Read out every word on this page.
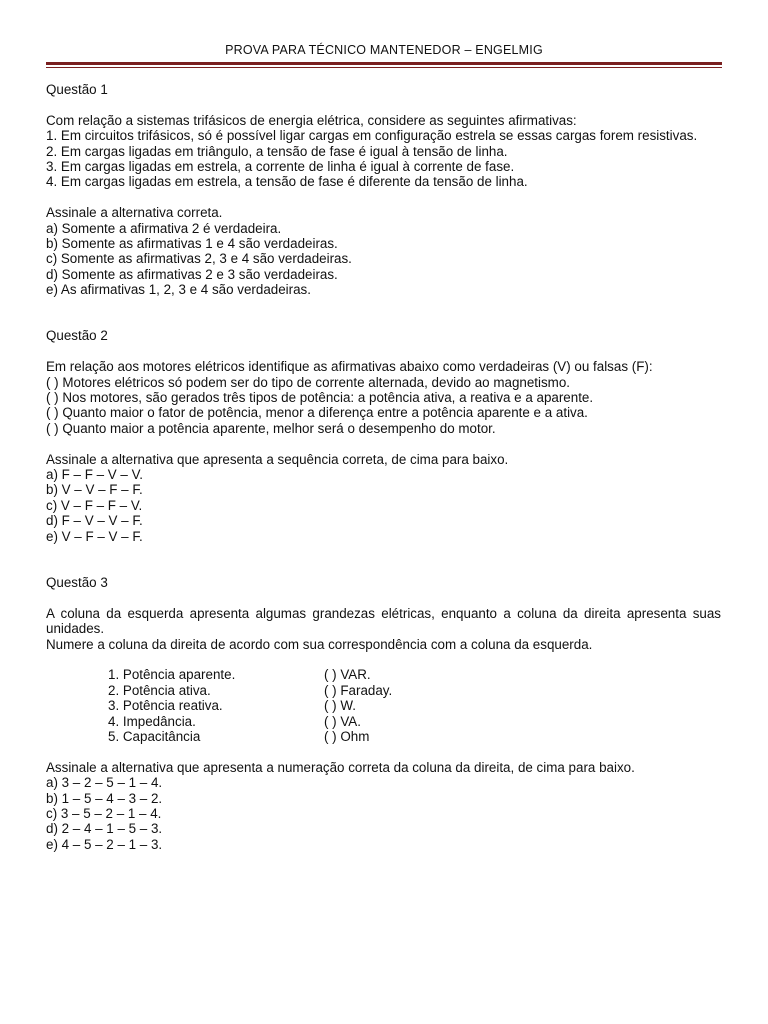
PROVA PARA TÉCNICO MANTENEDOR – ENGELMIG

Questão 1

Com relação a sistemas trifásicos de energia elétrica, considere as seguintes afirmativas:

1. Em circuitos trifásicos, só é possível ligar cargas em configuração estrela se essas cargas forem resistivas.

2. Em cargas ligadas em triângulo, a tensão de fase é igual à tensão de linha.

3. Em cargas ligadas em estrela, a corrente de linha é igual à corrente de fase.

4. Em cargas ligadas em estrela, a tensão de fase é diferente da tensão de linha.

Assinale a alternativa correta.

a) Somente a afirmativa 2 é verdadeira.

b) Somente as afirmativas 1 e 4 são verdadeiras.

c) Somente as afirmativas 2, 3 e 4 são verdadeiras.

d) Somente as afirmativas 2 e 3 são verdadeiras.

e) As afirmativas 1, 2, 3 e 4 são verdadeiras.

Questão 2

Em relação aos motores elétricos identifique as afirmativas abaixo como verdadeiras (V) ou falsas (F):

( ) Motores elétricos só podem ser do tipo de corrente alternada, devido ao magnetismo.

( ) Nos motores, são gerados três tipos de potência: a potência ativa, a reativa e a aparente.

( ) Quanto maior o fator de potência, menor a diferença entre a potência aparente e a ativa.

( ) Quanto maior a potência aparente, melhor será o desempenho do motor.

Assinale a alternativa que apresenta a sequência correta, de cima para baixo.

a) F – F – V – V.

b) V – V – F – F.

c) V – F – F – V.

d) F – V – V – F.

e) V – F – V – F.

Questão 3

A coluna da esquerda apresenta algumas grandezas elétricas, enquanto a coluna da direita apresenta suas unidades.

Numere a coluna da direita de acordo com sua correspondência com a coluna da esquerda.

1. Potência aparente.	( ) VAR.
2. Potência ativa.	( ) Faraday.
3. Potência reativa.	( ) W.
4. Impedância.	( ) VA.
5. Capacitância	( ) Ohm

Assinale a alternativa que apresenta a numeração correta da coluna da direita, de cima para baixo.

a) 3 – 2 – 5 – 1 – 4.

b) 1 – 5 – 4 – 3 – 2.

c) 3 – 5 – 2 – 1 – 4.

d) 2 – 4 – 1 – 5 – 3.

e) 4 – 5 – 2 – 1 – 3.
